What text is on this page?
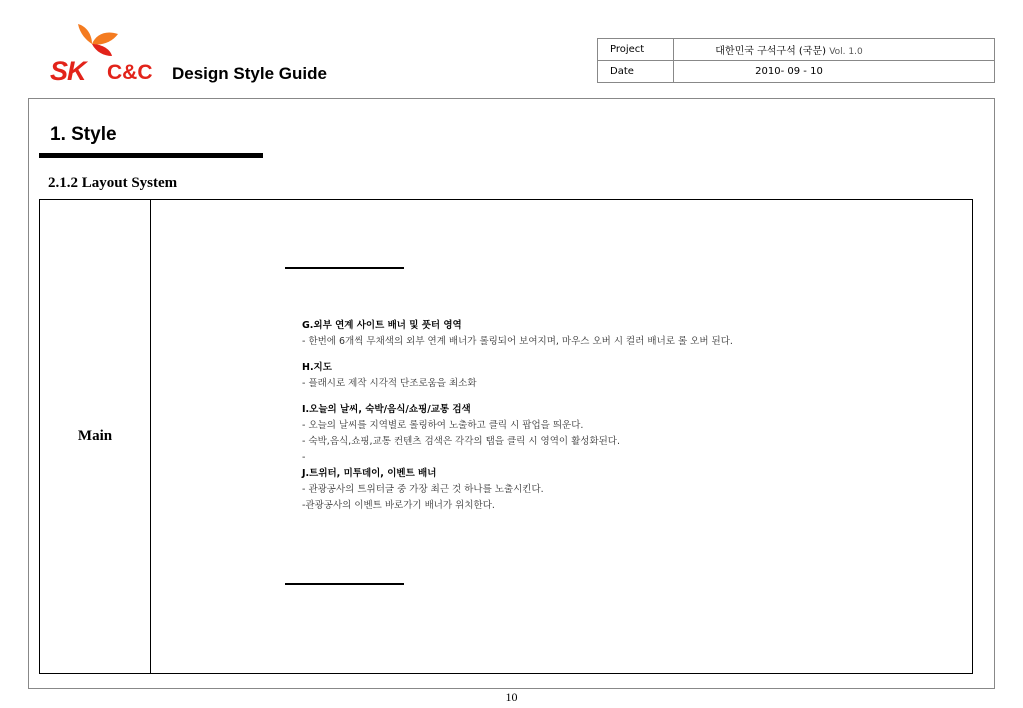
SK C&C Design Style Guide
Project	대한민국 구석구석 (국문) Vol. 1.0
Date	2010- 09 - 10
1. Style
2.1.2 Layout System
Main
G.외부 연계 사이트 배너 및 풋터 영역
- 한번에 6개씩 무채색의 외부 연계 배너가 롤링되어 보여지며, 마우스 오버 시 컬러 배너로 롤 오버 된다.
H.지도
- 플래시로 제작 시각적 단조로움을 최소화
I.오늘의 날씨, 숙박/음식/쇼핑/교통 검색
- 오늘의 날씨를 지역별로 롤링하여 노출하고 클릭 시 팝업을 띄운다.
- 숙박,음식,쇼핑,교통 컨텐츠 검색은 각각의 탭을 클릭 시 영역이 활성화된다.
-
J.트위터, 미투데이, 이벤트 배너
- 관광공사의 트위터글 중 가장 최근 것 하나를 노출시킨다.
-관광공사의 이벤트 바로가기 배너가 위치한다.
10
